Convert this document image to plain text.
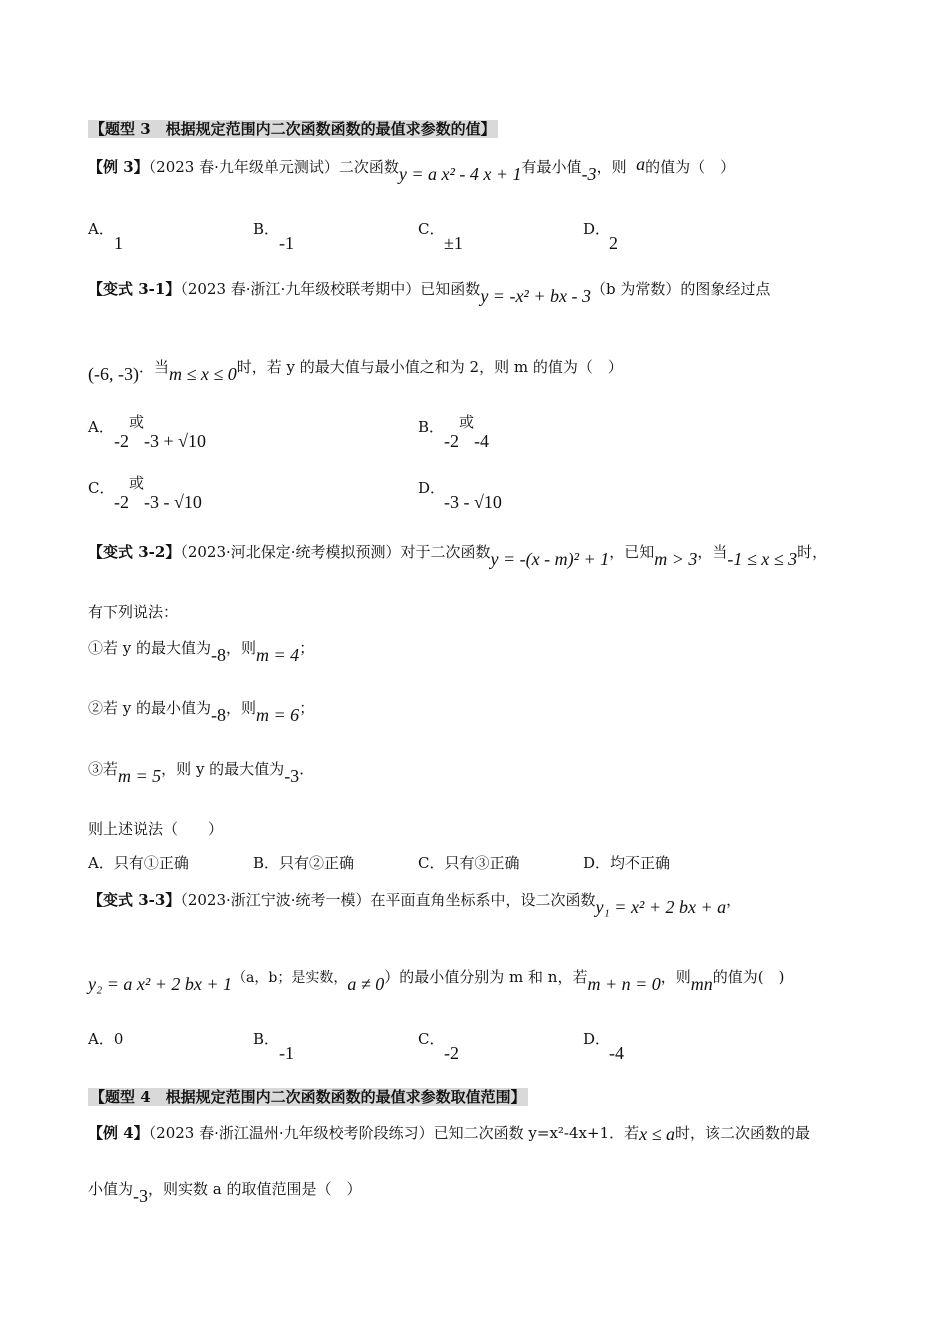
【题型 3　根据规定范围内二次函数函数的最值求参数的值】
【例 3】（2023 春·九年级单元测试）二次函数y = a x² - 4 x + 1有最小值-3，则 a的值为（　）
A．
1
B．
-1
C．
±1
D．
2
【变式 3-1】（2023 春·浙江·九年级校联考期中）已知函数y = -x² + bx - 3（b 为常数）的图象经过点
(-6, -3)．当m ≤ x ≤ 0时，若 y 的最大值与最小值之和为 2，则 m 的值为（　）
A．
-2或-3 + √10
B．
-2或-4
C．
-2或-3 - √10
D．
-3 - √10
【变式 3-2】（2023·河北保定·统考模拟预测）对于二次函数y = -(x - m)² + 1，已知m > 3，当-1 ≤ x ≤ 3时，
有下列说法：
①若 y 的最大值为-8，则m = 4；
②若 y 的最小值为-8，则m = 6；
③若m = 5，则 y 的最大值为-3．
则上述说法（　　）
A．只有①正确	B．只有②正确	C．只有③正确	D．均不正确
【变式 3-3】（2023·浙江宁波·统考一模）在平面直角坐标系中，设二次函数y₁ = x² + 2 bx + a，
y₂ = a x² + 2 bx + 1（a，b；是实数，a ≠ 0）的最小值分别为 m 和 n，若m + n = 0，则mn的值为(　)
A．0	B．
-1
C．
-2
D．
-4
【题型 4　根据规定范围内二次函数函数的最值求参数取值范围】
【例 4】（2023 春·浙江温州·九年级校考阶段练习）已知二次函数 y=x²-4x+1．若x ≤ a时，该二次函数的最
小值为-3，则实数 a 的取值范围是（　）
